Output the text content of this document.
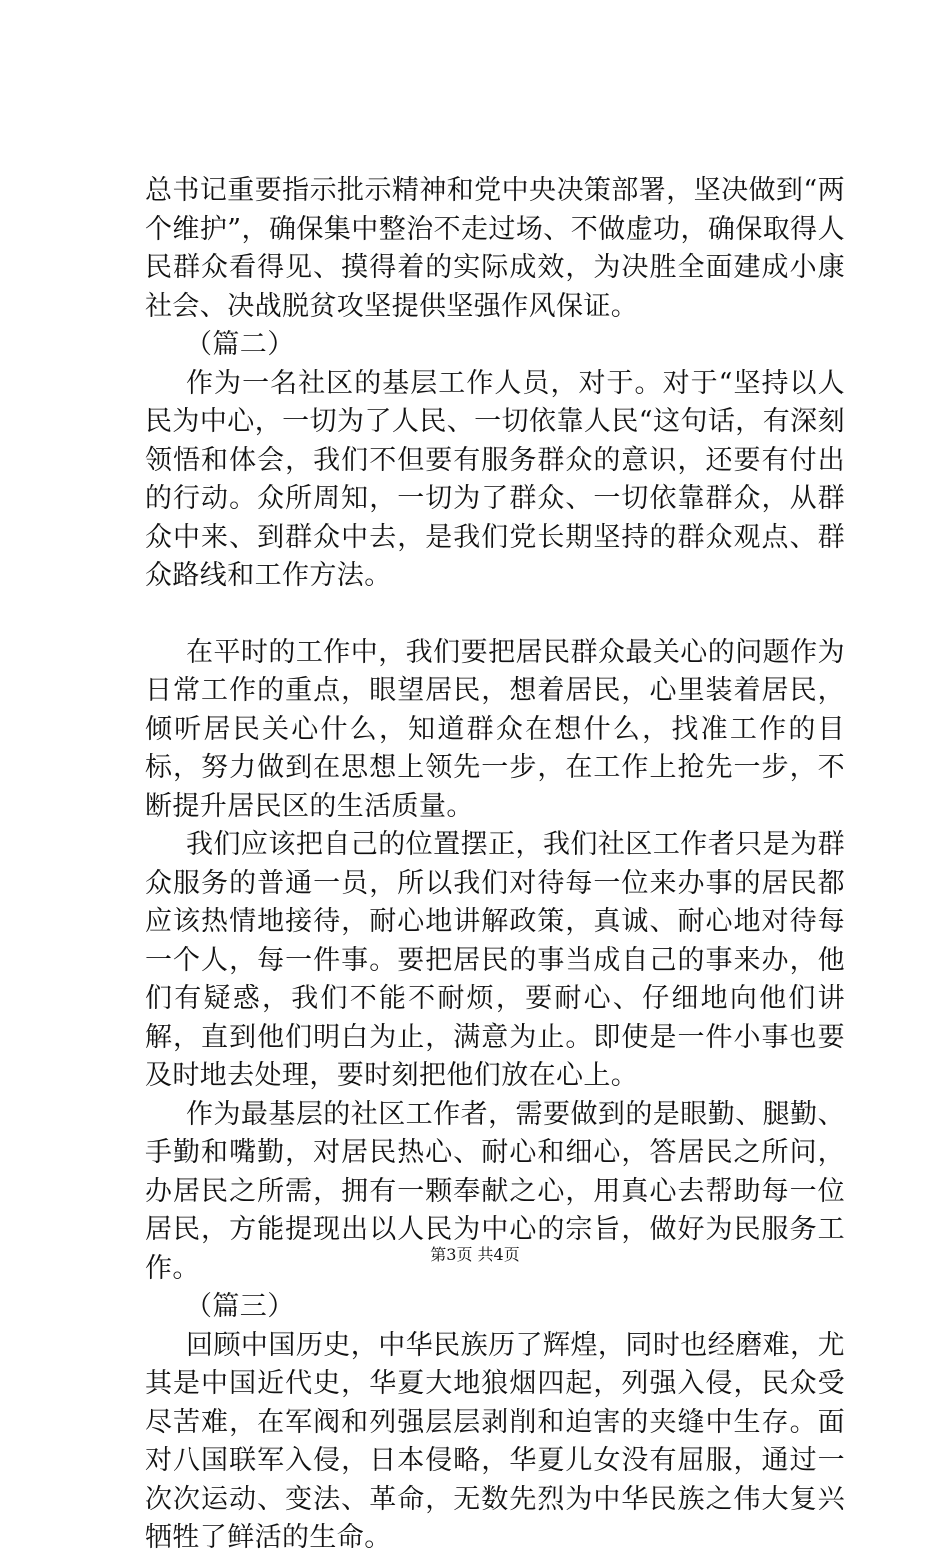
总书记重要指示批示精神和党中央决策部署，坚决做到“两个维护”，确保集中整治不走过场、不做虚功，确保取得人民群众看得见、摸得着的实际成效，为决胜全面建成小康社会、决战脱贫攻坚提供坚强作风保证。

（篇二）

作为一名社区的基层工作人员，对于。对于“坚持以人民为中心，一切为了人民、一切依靠人民“这句话，有深刻领悟和体会，我们不但要有服务群众的意识，还要有付出的行动。众所周知，一切为了群众、一切依靠群众，从群众中来、到群众中去，是我们党长期坚持的群众观点、群众路线和工作方法。

在平时的工作中，我们要把居民群众最关心的问题作为日常工作的重点，眼望居民，想着居民，心里装着居民，倾听居民关心什么，知道群众在想什么，找准工作的目标，努力做到在思想上领先一步，在工作上抢先一步，不断提升居民区的生活质量。

我们应该把自己的位置摆正，我们社区工作者只是为群众服务的普通一员，所以我们对待每一位来办事的居民都应该热情地接待，耐心地讲解政策，真诚、耐心地对待每一个人，每一件事。要把居民的事当成自己的事来办，他们有疑惑，我们不能不耐烦，要耐心、仔细地向他们讲解，直到他们明白为止，满意为止。即使是一件小事也要及时地去处理，要时刻把他们放在心上。

作为最基层的社区工作者，需要做到的是眼勤、腿勤、手勤和嘴勤，对居民热心、耐心和细心，答居民之所问，办居民之所需，拥有一颗奉献之心，用真心去帮助每一位居民，方能提现出以人民为中心的宗旨，做好为民服务工作。

（篇三）

回顾中国历史，中华民族历了辉煌，同时也经磨难，尤其是中国近代史，华夏大地狼烟四起，列强入侵，民众受尽苦难，在军阀和列强层层剥削和迫害的夹缝中生存。面对八国联军入侵，日本侵略，华夏儿女没有屈服，通过一次次运动、变法、革命，无数先烈为中华民族之伟大复兴牺牲了鲜活的生命。

第3页 共4页
